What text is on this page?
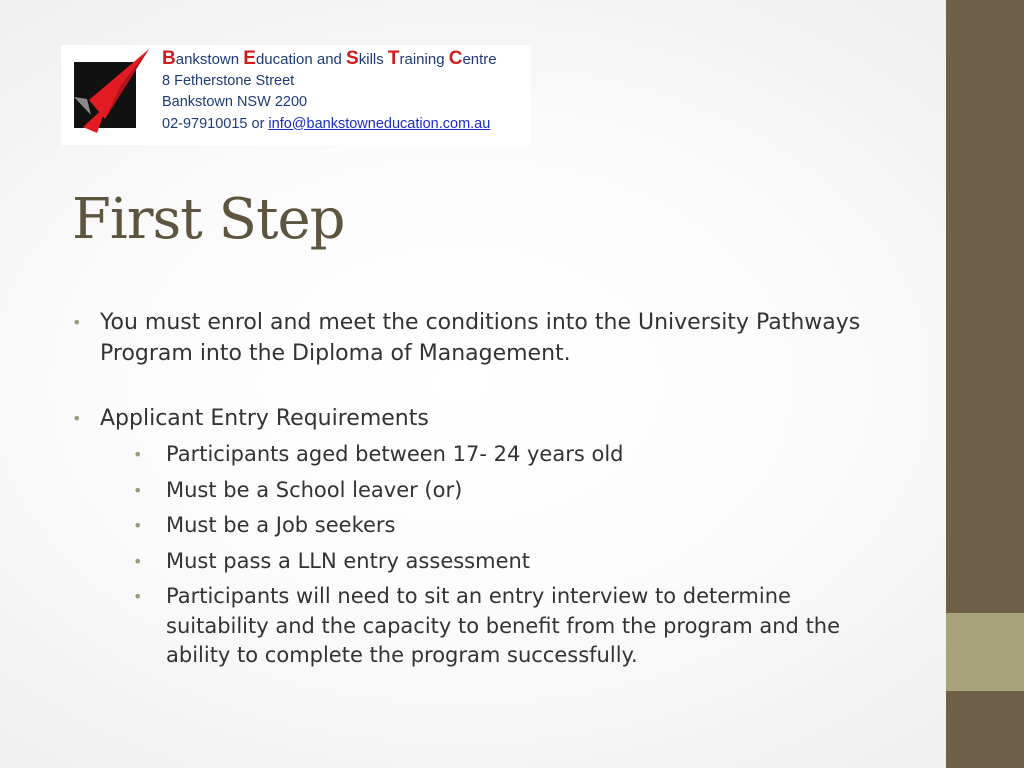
Bankstown Education and Skills Training Centre
8 Fetherstone Street
Bankstown NSW 2200
02-97910015 or info@bankstowneducation.com.au
First Step
• You must enrol and meet the conditions into the University Pathways Program into the Diploma of Management.
• Applicant Entry Requirements
• Participants aged between 17- 24 years old
• Must be a School leaver (or)
• Must be a Job seekers
• Must pass a LLN entry assessment
• Participants will need to sit an entry interview to determine suitability and the capacity to benefit from the program and the ability to complete the program successfully.
